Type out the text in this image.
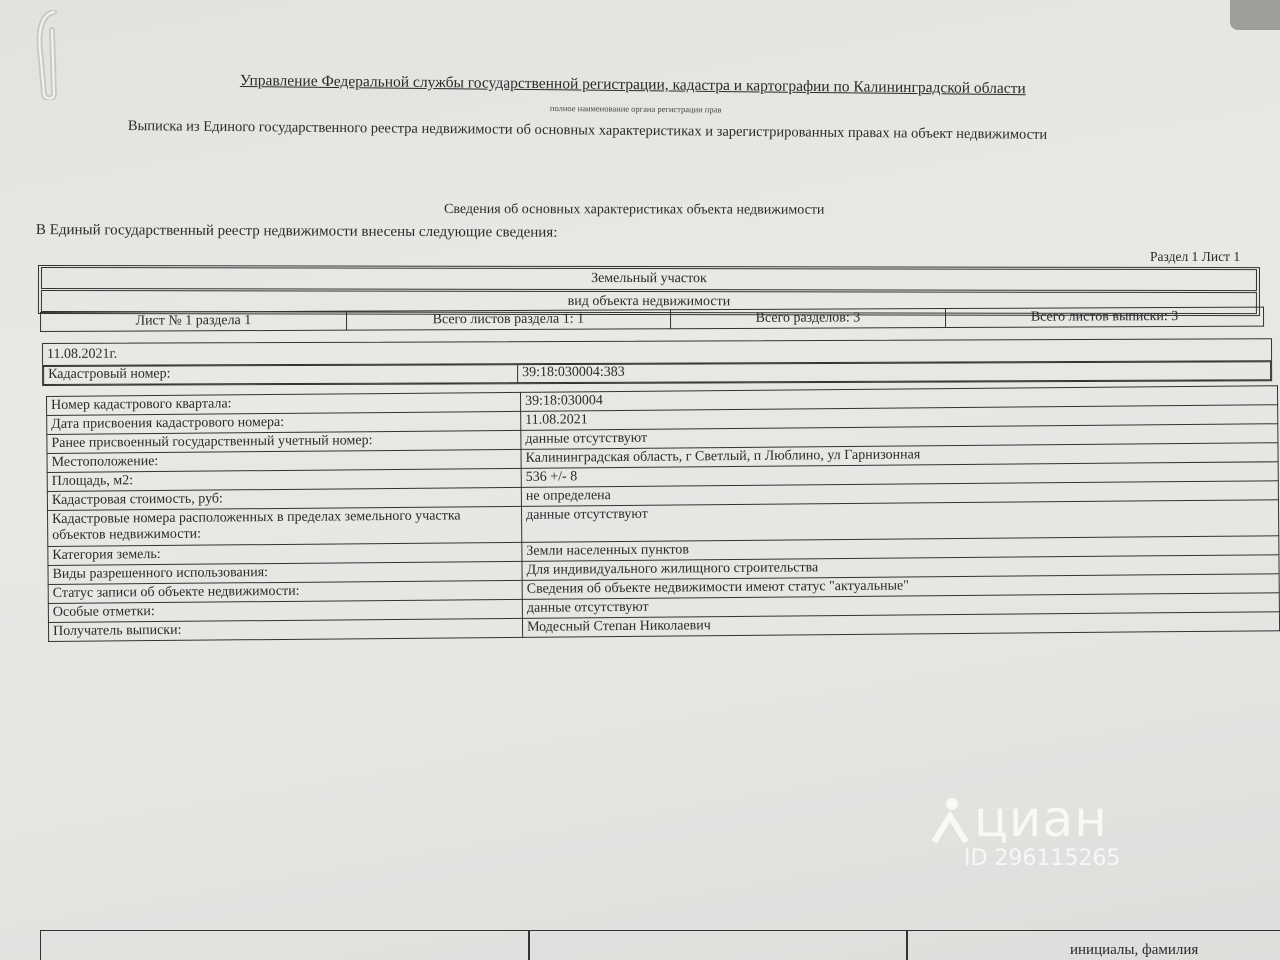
Управление Федеральной службы государственной регистрации, кадастра и картографии по Калининградской области
полное наименование органа регистрации прав
Выписка из Единого государственного реестра недвижимости об основных характеристиках и зарегистрированных правах на объект недвижимости
Сведения об основных характеристиках объекта недвижимости
В Единый государственный реестр недвижимости внесены следующие сведения:
Раздел 1 Лист 1
Земельный участок
вид объекта недвижимости
Лист № 1 раздела 1	Всего листов раздела 1: 1	Всего разделов: 3	Всего листов выписки: 3
11.08.2021г.
Кадастровый номер:	39:18:030004:383
Номер кадастрового квартала:	39:18:030004
Дата присвоения кадастрового номера:	11.08.2021
Ранее присвоенный государственный учетный номер:	данные отсутствуют
Местоположение:	Калининградская область, г Светлый, п Люблино, ул Гарнизонная
Площадь, м2:	536 +/- 8
Кадастровая стоимость, руб:	не определена
Кадастровые номера расположенных в пределах земельного участка объектов недвижимости:	данные отсутствуют
Категория земель:	Земли населенных пунктов
Виды разрешенного использования:	Для индивидуального жилищного строительства
Статус записи об объекте недвижимости:	Сведения об объекте недвижимости имеют статус "актуальные"
Особые отметки:	данные отсутствуют
Получатель выписки:	Модесный Степан Николаевич
циан
ID 296115265
инициалы, фамилия
